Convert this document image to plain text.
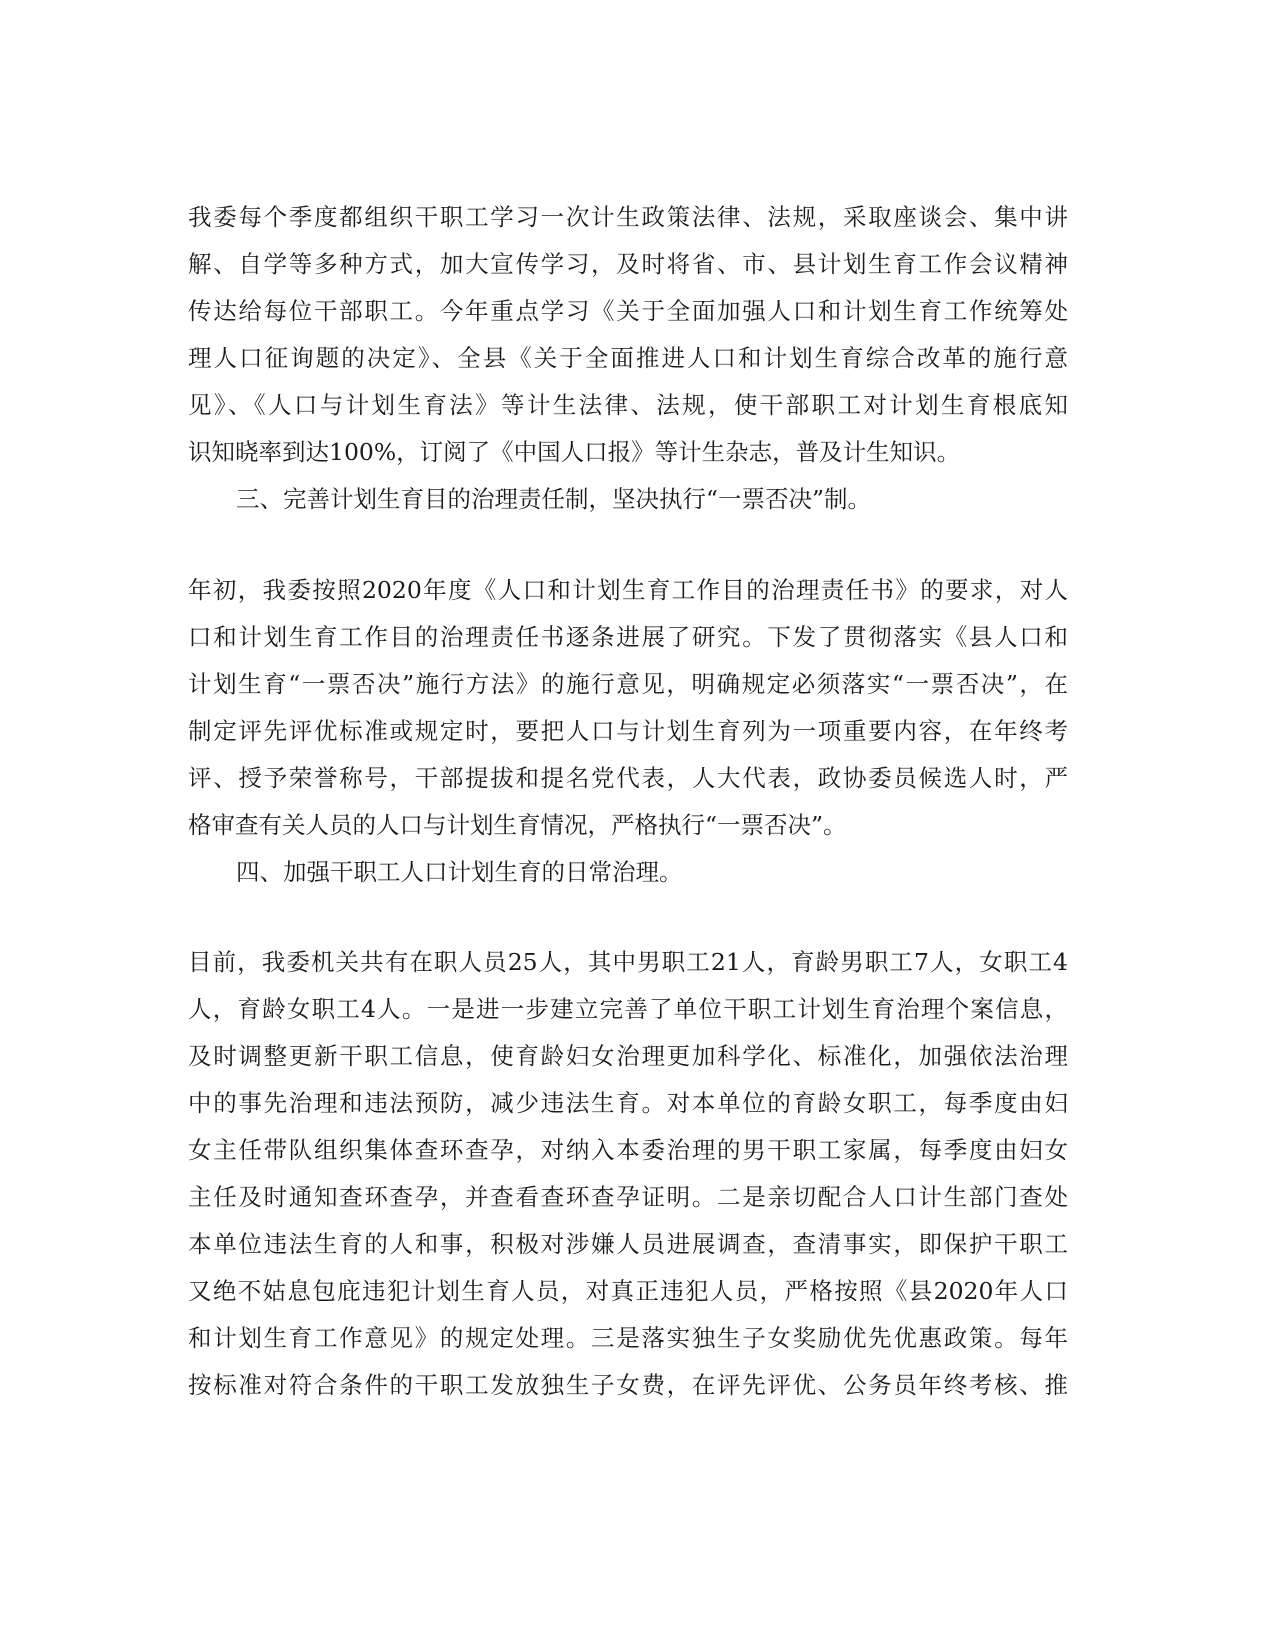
我委每个季度都组织干职工学习一次计生政策法律、法规，采取座谈会、集中讲
解、自学等多种方式，加大宣传学习，及时将省、市、县计划生育工作会议精神
传达给每位干部职工。今年重点学习《关于全面加强人口和计划生育工作统筹处
理人口征询题的决定》、全县《关于全面推进人口和计划生育综合改革的施行意
见》、《人口与计划生育法》等计生法律、法规，使干部职工对计划生育根底知
识知晓率到达100%，订阅了《中国人口报》等计生杂志，普及计生知识。
三、完善计划生育目的治理责任制，坚决执行“一票否决”制。
年初，我委按照2020年度《人口和计划生育工作目的治理责任书》的要求，对人
口和计划生育工作目的治理责任书逐条进展了研究。下发了贯彻落实《县人口和
计划生育“一票否决”施行方法》的施行意见，明确规定必须落实“一票否决”，在
制定评先评优标准或规定时，要把人口与计划生育列为一项重要内容，在年终考
评、授予荣誉称号，干部提拔和提名党代表，人大代表，政协委员候选人时，严
格审查有关人员的人口与计划生育情况，严格执行“一票否决”。
四、加强干职工人口计划生育的日常治理。
目前，我委机关共有在职人员25人，其中男职工21人，育龄男职工7人，女职工4
人，育龄女职工4人。一是进一步建立完善了单位干职工计划生育治理个案信息，
及时调整更新干职工信息，使育龄妇女治理更加科学化、标准化，加强依法治理
中的事先治理和违法预防，减少违法生育。对本单位的育龄女职工，每季度由妇
女主任带队组织集体查环查孕，对纳入本委治理的男干职工家属，每季度由妇女
主任及时通知查环查孕，并查看查环查孕证明。二是亲切配合人口计生部门查处
本单位违法生育的人和事，积极对涉嫌人员进展调查，查清事实，即保护干职工
又绝不姑息包庇违犯计划生育人员，对真正违犯人员，严格按照《县2020年人口
和计划生育工作意见》的规定处理。三是落实独生子女奖励优先优惠政策。每年
按标准对符合条件的干职工发放独生子女费，在评先评优、公务员年终考核、推
